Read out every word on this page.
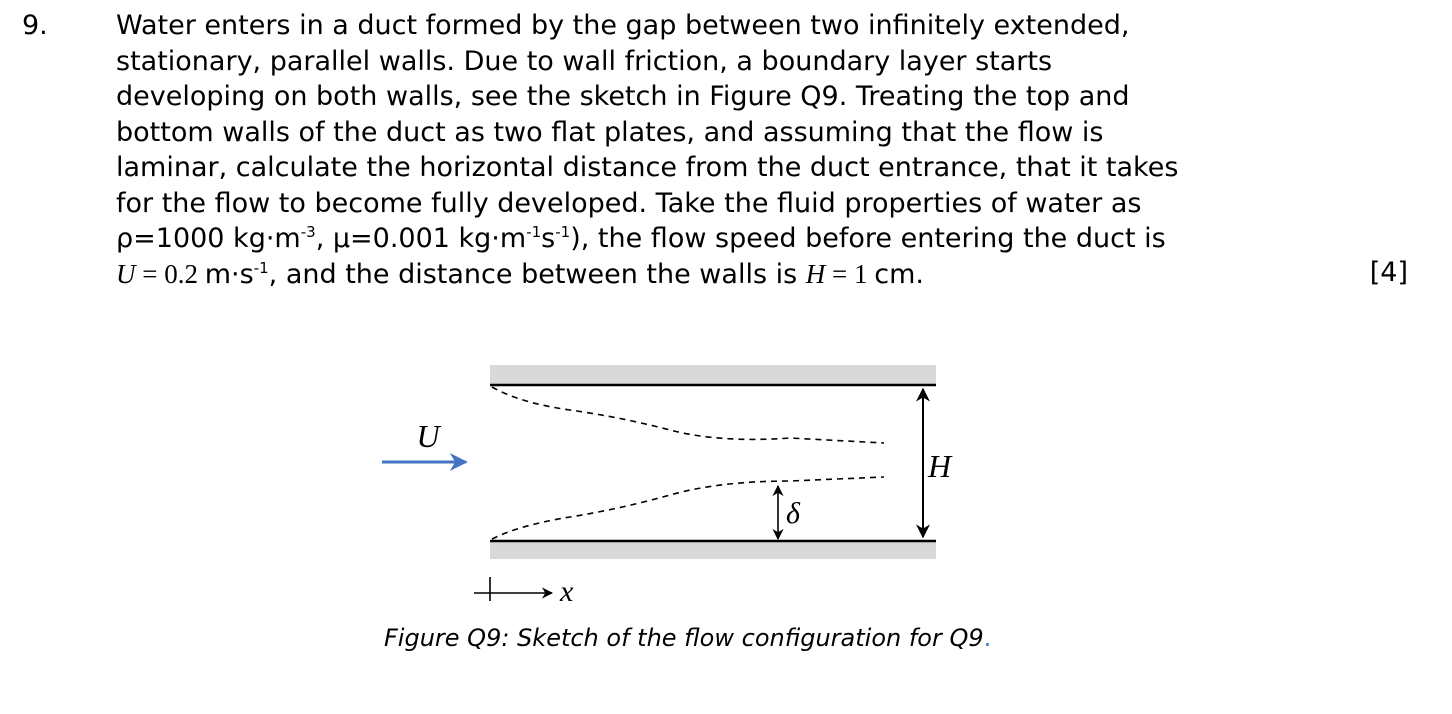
9.	Water enters in a duct formed by the gap between two infinitely extended,
stationary, parallel walls. Due to wall friction, a boundary layer starts
developing on both walls, see the sketch in Figure Q9. Treating the top and
bottom walls of the duct as two flat plates, and assuming that the flow is
laminar, calculate the horizontal distance from the duct entrance, that it takes
for the flow to become fully developed. Take the fluid properties of water as
ρ=1000 $kg\cdot m^{-3}$, μ=0.001 $kg\cdot m^{-1}s^{-1}$), the flow speed before entering the duct is
U = 0.2 $m\cdot s^{-1}$, and the distance between the walls is H = 1 cm.	[4]
U
H
δ
x
Figure Q9: Sketch of the flow configuration for Q9.
